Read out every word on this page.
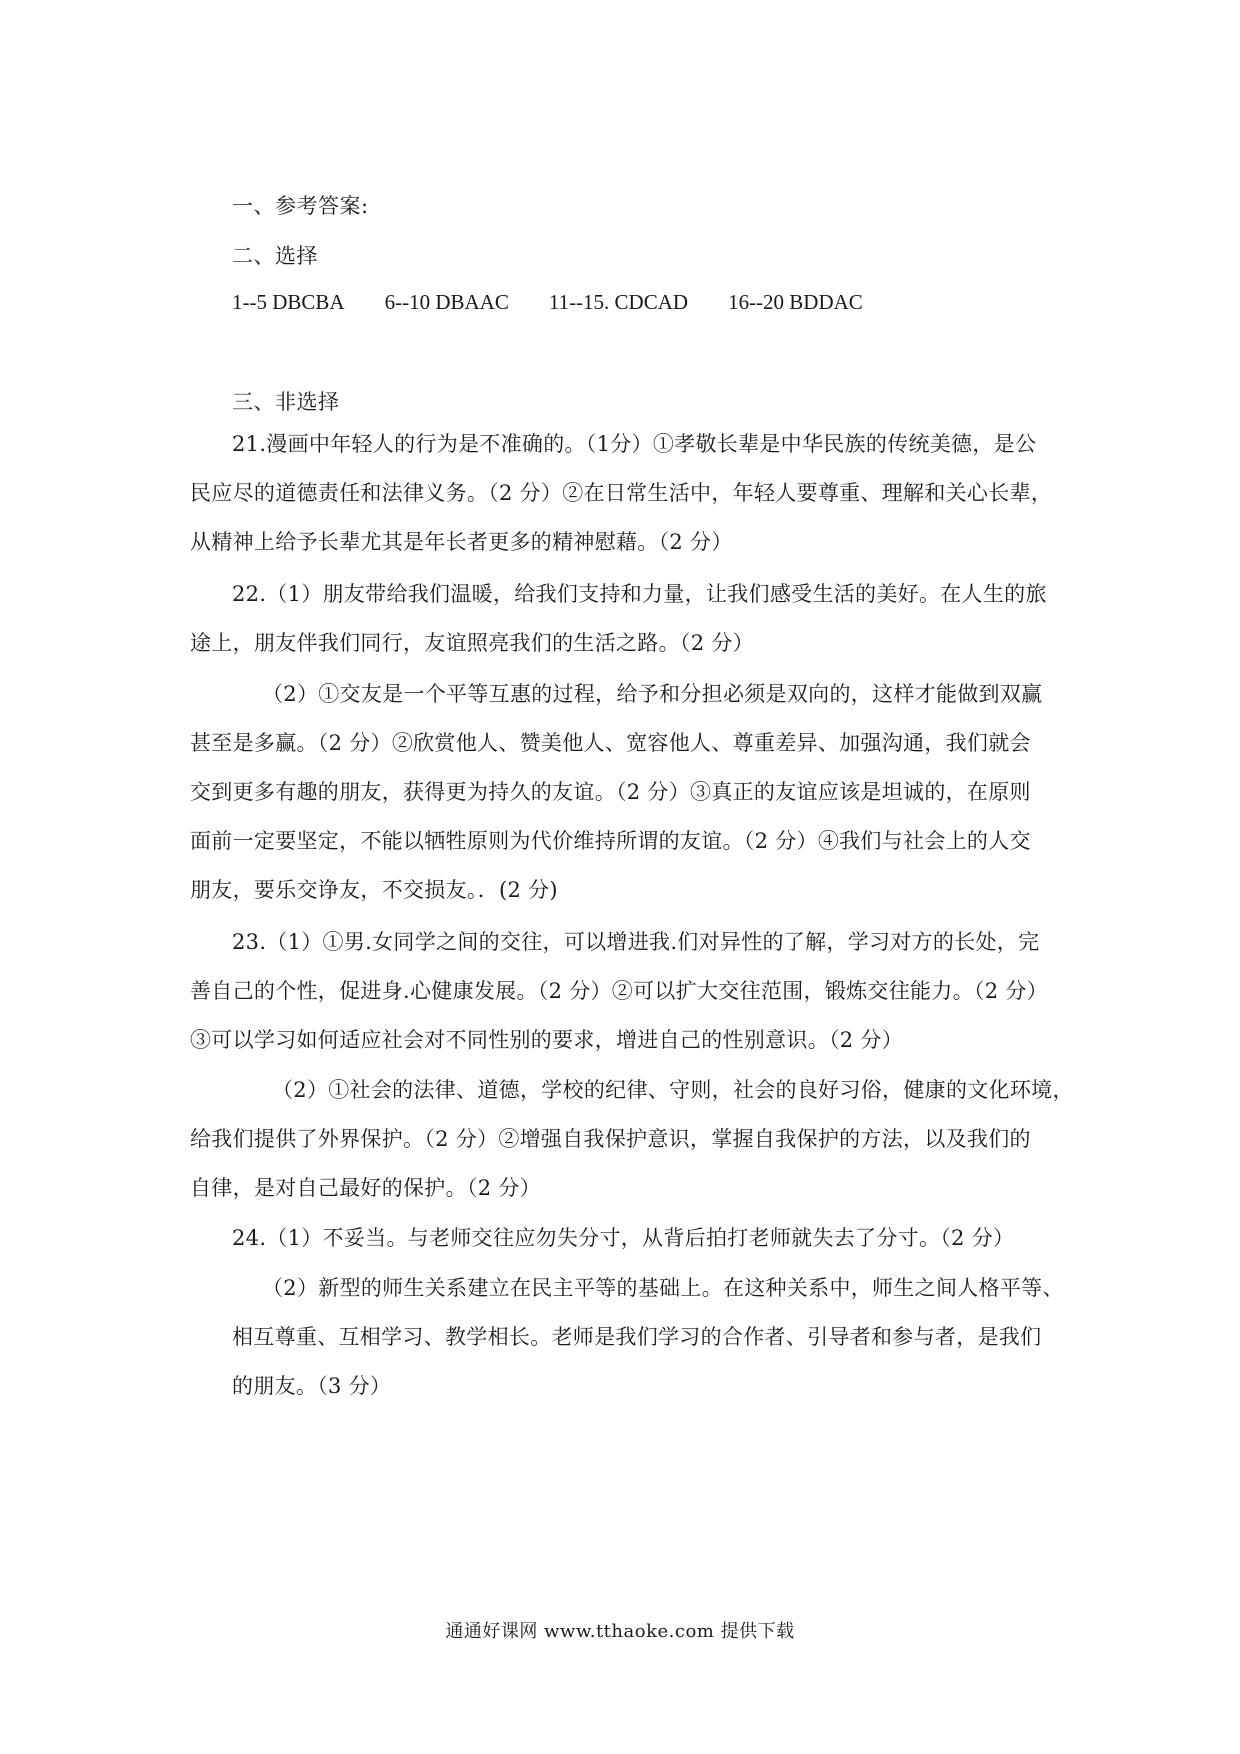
一、参考答案:
二、选择
1--5 DBCBA 6--10 DBAAC 11--15. CDCAD 16--20 BDDAC
三、非选择
21.漫画中年轻人的行为是不准确的。（1分）①孝敬长辈是中华民族的传统美德，是公
民应尽的道德责任和法律义务。（2 分）②在日常生活中，年轻人要尊重、理解和关心长辈，
从精神上给予长辈尤其是年长者更多的精神慰藉。（2 分）
22.（1）朋友带给我们温暖，给我们支持和力量，让我们感受生活的美好。在人生的旅
途上，朋友伴我们同行，友谊照亮我们的生活之路。（2 分）
（2）①交友是一个平等互惠的过程，给予和分担必须是双向的，这样才能做到双赢
甚至是多赢。（2 分）②欣赏他人、赞美他人、宽容他人、尊重差异、加强沟通，我们就会
交到更多有趣的朋友，获得更为持久的友谊。（2 分）③真正的友谊应该是坦诚的，在原则
面前一定要坚定，不能以牺牲原则为代价维持所谓的友谊。（2 分）④我们与社会上的人交
朋友，要乐交诤友，不交损友。．(2 分)
23.（1）①男.女同学之间的交往，可以增进我.们对异性的了解，学习对方的长处，完
善自己的个性，促进身.心健康发展。（2 分）②可以扩大交往范围，锻炼交往能力。（2 分）
③可以学习如何适应社会对不同性别的要求，增进自己的性别意识。（2 分）
（2）①社会的法律、道德，学校的纪律、守则，社会的良好习俗，健康的文化环境，
给我们提供了外界保护。（2 分）②增强自我保护意识，掌握自我保护的方法，以及我们的
自律，是对自己最好的保护。（2 分）
24.（1）不妥当。与老师交往应勿失分寸，从背后拍打老师就失去了分寸。（2 分）
（2）新型的师生关系建立在民主平等的基础上。在这种关系中，师生之间人格平等、
相互尊重、互相学习、教学相长。老师是我们学习的合作者、引导者和参与者，是我们
的朋友。（3 分）
通通好课网 www.tthaoke.com 提供下载
